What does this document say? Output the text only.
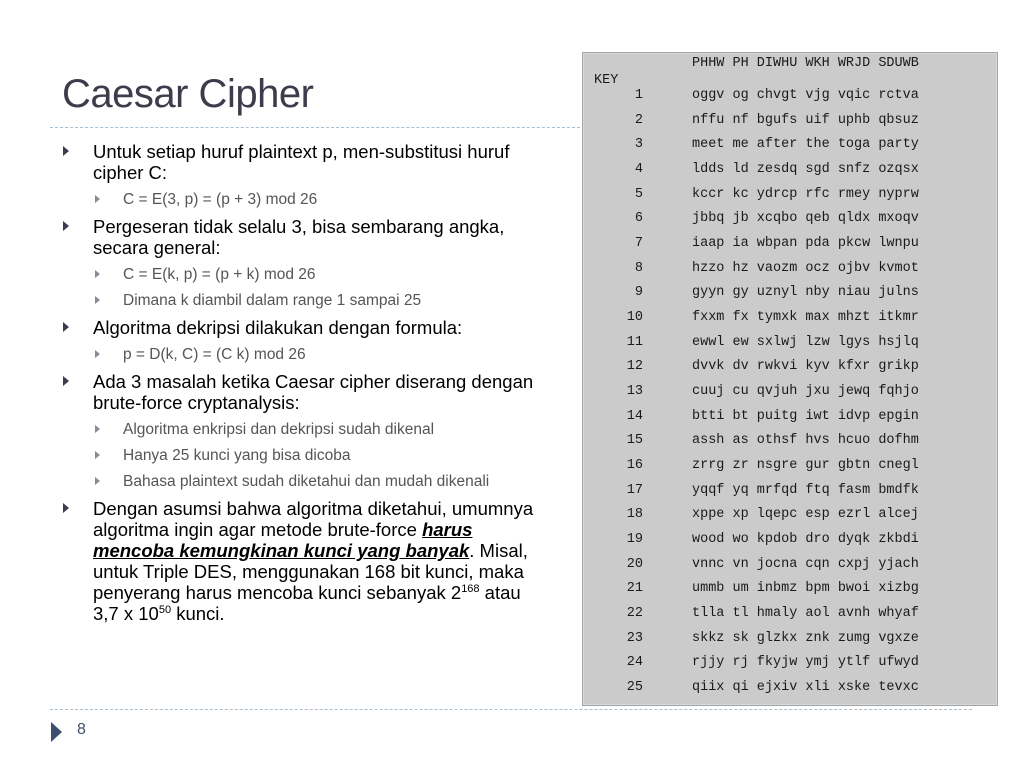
Caesar Cipher

Untuk setiap huruf plaintext p, men-substitusi huruf cipher C:

C = E(3, p) = (p + 3) mod 26

Pergeseran tidak selalu 3, bisa sembarang angka, secara general:

C = E(k, p) = (p + k) mod 26

Dimana k diambil dalam range 1 sampai 25

Algoritma dekripsi dilakukan dengan formula:

p = D(k, C) = (C k) mod 26

Ada 3 masalah ketika Caesar cipher diserang dengan brute-force cryptanalysis:

Algoritma enkripsi dan dekripsi sudah dikenal

Hanya 25 kunci yang bisa dicoba

Bahasa plaintext sudah diketahui dan mudah dikenali

Dengan asumsi bahwa algoritma diketahui, umumnya algoritma ingin agar metode brute-force harus mencoba kemungkinan kunci yang banyak. Misal, untuk Triple DES, menggunakan 168 bit kunci, maka penyerang harus mencoba kunci sebanyak $2^{168}$ atau 3,7 x $10^{50}$ kunci.

PHHW PH DIWHU WKH WRJD SDUWB
KEY
1	oggv og chvgt vjg vqic rctva
2	nffu nf bgufs uif uphb qbsuz
3	meet me after the toga party
4	ldds ld zesdq sgd snfz ozqsx
5	kccr kc ydrcp rfc rmey nyprw
6	jbbq jb xcqbo qeb qldx mxoqv
7	iaap ia wbpan pda pkcw lwnpu
8	hzzo hz vaozm ocz ojbv kvmot
9	gyyn gy uznyl nby niau julns
10	fxxm fx tymxk max mhzt itkmr
11	ewwl ew sxlwj lzw lgys hsjlq
12	dvvk dv rwkvi kyv kfxr grikp
13	cuuj cu qvjuh jxu jewq fqhjo
14	btti bt puitg iwt idvp epgin
15	assh as othsf hvs hcuo dofhm
16	zrrg zr nsgre gur gbtn cnegl
17	yqqf yq mrfqd ftq fasm bmdfk
18	xppe xp lqepc esp ezrl alcej
19	wood wo kpdob dro dyqk zkbdi
20	vnnc vn jocna cqn cxpj yjach
21	ummb um inbmz bpm bwoi xizbg
22	tlla tl hmaly aol avnh whyaf
23	skkz sk glzkx znk zumg vgxze
24	rjjy rj fkyjw ymj ytlf ufwyd
25	qiix qi ejxiv xli xske tevxc
8
